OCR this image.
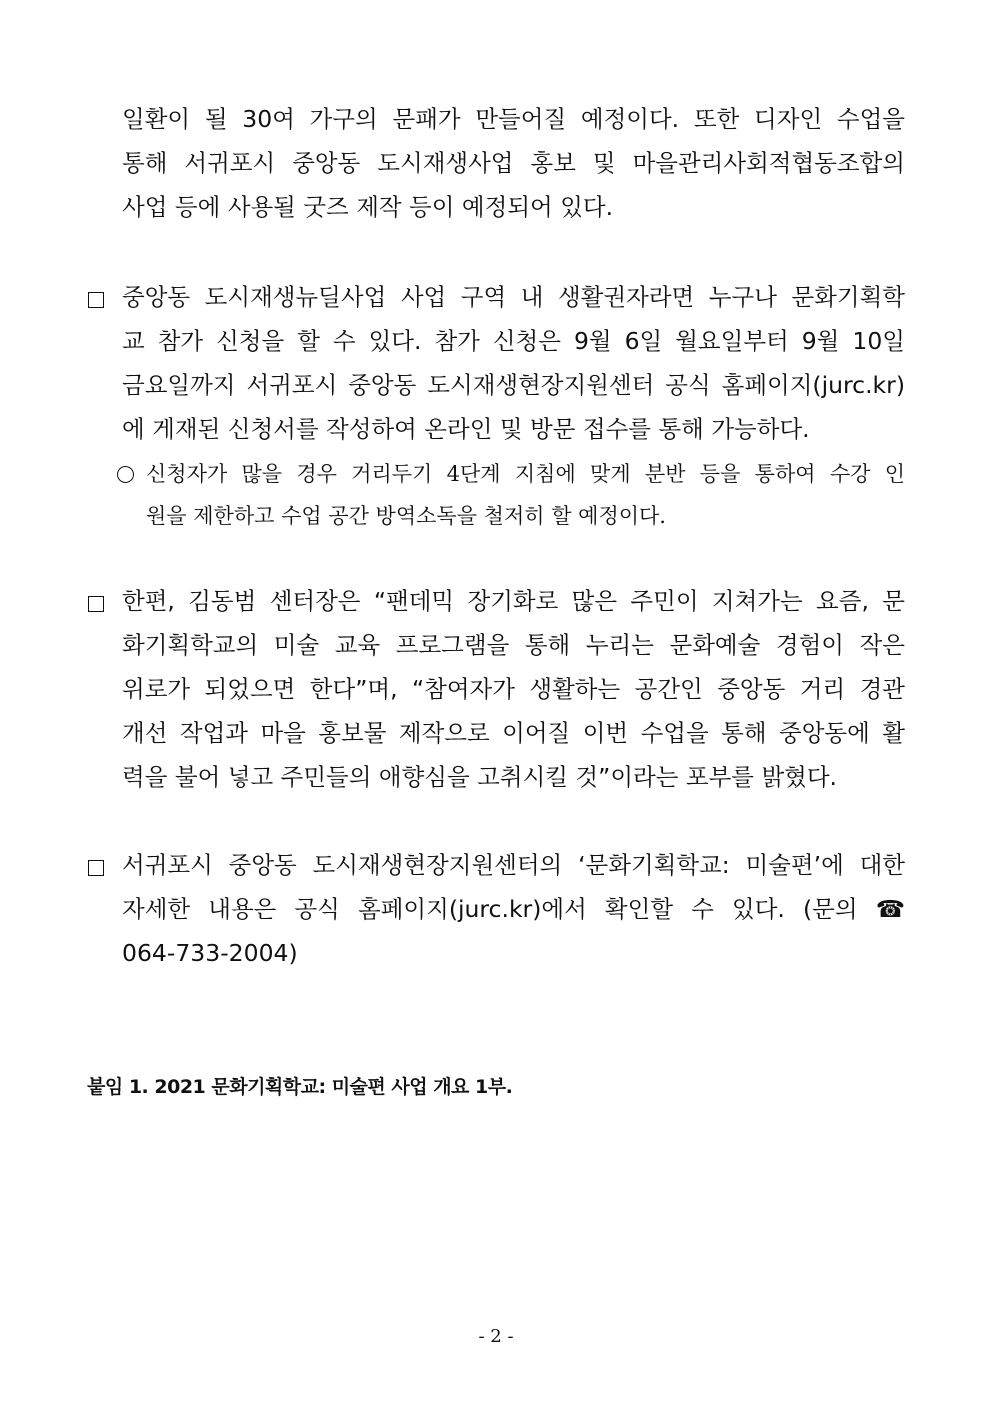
일환이 될 30여 가구의 문패가 만들어질 예정이다. 또한 디자인 수업을

통해 서귀포시 중앙동 도시재생사업 홍보 및 마을관리사회적협동조합의

사업 등에 사용될 굿즈 제작 등이 예정되어 있다.

중앙동 도시재생뉴딜사업 사업 구역 내 생활권자라면 누구나 문화기획학

교 참가 신청을 할 수 있다. 참가 신청은 9월 6일 월요일부터 9월 10일

금요일까지 서귀포시 중앙동 도시재생현장지원센터 공식 홈페이지(jurc.kr)

에 게재된 신청서를 작성하여 온라인 및 방문 접수를 통해 가능하다.

신청자가 많을 경우 거리두기 4단계 지침에 맞게 분반 등을 통하여 수강 인

원을 제한하고 수업 공간 방역소독을 철저히 할 예정이다.

한편, 김동범 센터장은 “팬데믹 장기화로 많은 주민이 지쳐가는 요즘, 문

화기획학교의 미술 교육 프로그램을 통해 누리는 문화예술 경험이 작은

위로가 되었으면 한다”며, “참여자가 생활하는 공간인 중앙동 거리 경관

개선 작업과 마을 홍보물 제작으로 이어질 이번 수업을 통해 중앙동에 활

력을 불어 넣고 주민들의 애향심을 고취시킬 것”이라는 포부를 밝혔다.

서귀포시 중앙동 도시재생현장지원센터의 ‘문화기획학교: 미술편’에 대한

자세한 내용은 공식 홈페이지(jurc.kr)에서 확인할 수 있다. (문의 ☎

064-733-2004)

붙임 1. 2021 문화기획학교: 미술편 사업 개요 1부.
- 2 -
